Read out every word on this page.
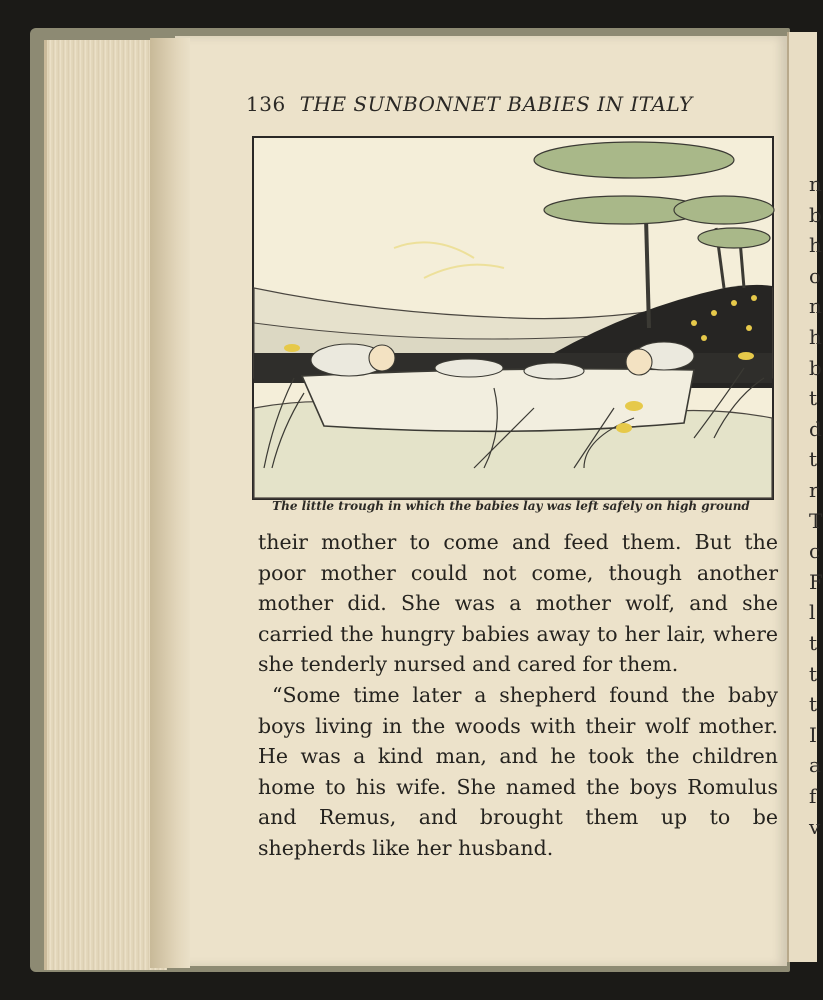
n
b
h
o
n
h
b
t
d
t
r
T
c
F
l
t
t
t
I
a
f
v
136 THE SUNBONNET BABIES IN ITALY
The little trough in which the babies lay was left safely on high ground

their mother to come and feed them. But the poor mother could not come, though another mother did. She was a mother wolf, and she carried the hungry babies away to her lair, where she tenderly nursed and cared for them.

“Some time later a shepherd found the baby boys living in the woods with their wolf mother. He was a kind man, and he took the children home to his wife. She named the boys Romulus and Remus, and brought them up to be shepherds like her husband.
